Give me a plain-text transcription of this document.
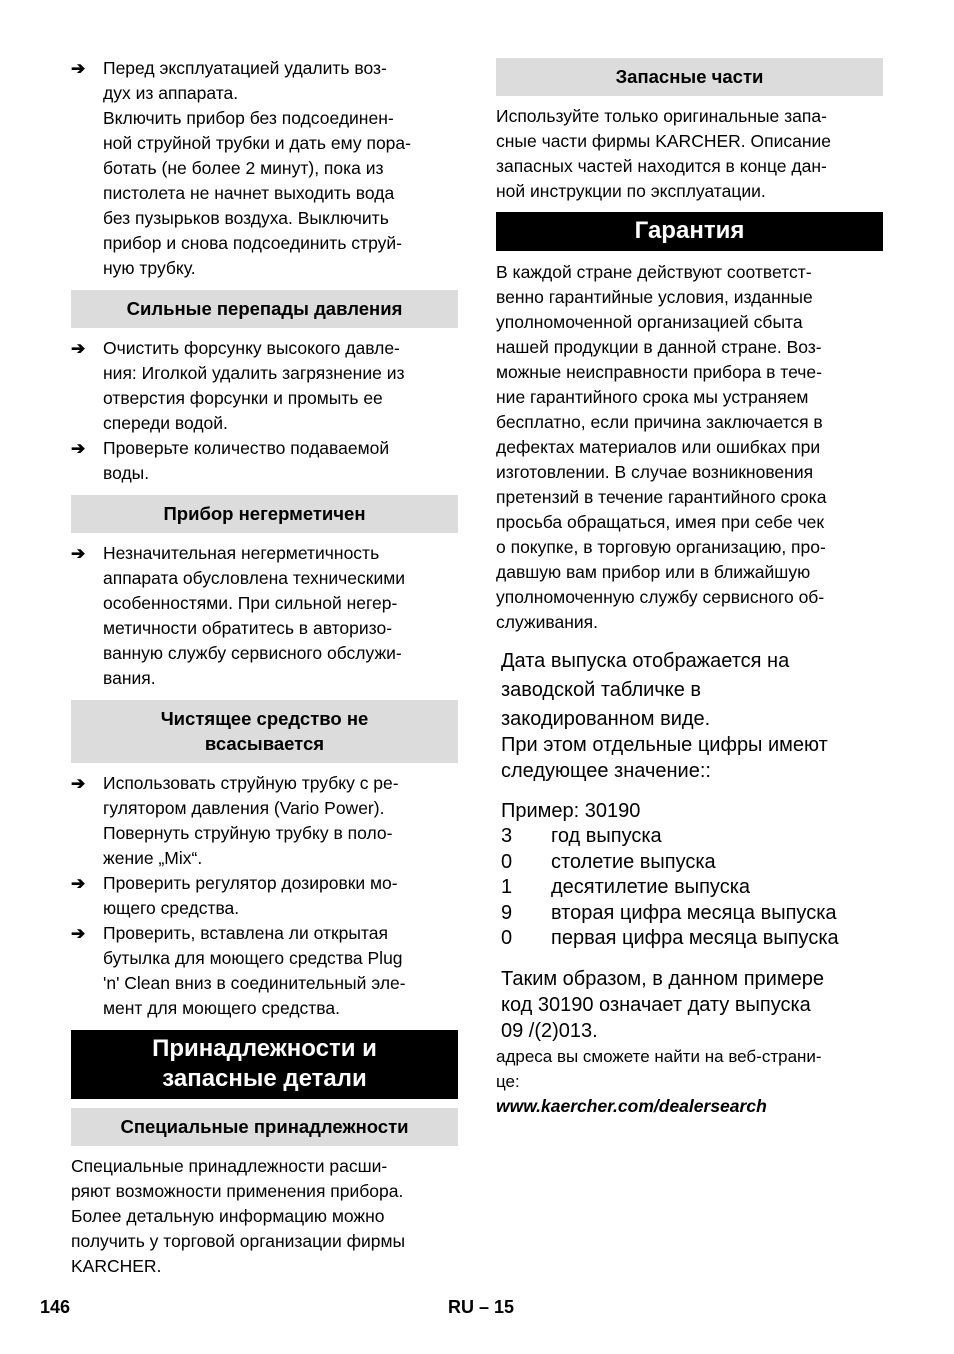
➔	Перед эксплуатацией удалить воз-
дух из аппарата.
Включить прибор без подсоединен-
ной струйной трубки и дать ему пора-
ботать (не более 2 минут), пока из
пистолета не начнет выходить вода
без пузырьков воздуха. Выключить
прибор и снова подсоединить струй-
ную трубку.
Сильные перепады давления
➔	Очистить форсунку высокого давле-
ния: Иголкой удалить загрязнение из
отверстия форсунки и промыть ее
спереди водой.
➔	Проверьте количество подаваемой
воды.
Прибор негерметичен
➔	Незначительная негерметичность
аппарата обусловлена техническими
особенностями. При сильной негер-
метичности обратитесь в авторизо-
ванную службу сервисного обслужи-
вания.
Чистящее средство не
всасывается
➔	Использовать струйную трубку с ре-
гулятором давления (Vario Power).
Повернуть струйную трубку в поло-
жение „Mix“.
➔	Проверить регулятор дозировки мо-
ющего средства.
➔	Проверить, вставлена ли открытая
бутылка для моющего средства Plug
'n' Clean вниз в соединительный эле-
мент для моющего средства.
Принадлежности и
запасные детали
Специальные принадлежности
Специальные принадлежности расши-
ряют возможности применения прибора.
Более детальную информацию можно
получить у торговой организации фирмы
KARCHER.
Запасные части
Используйте только оригинальные запа-
сные части фирмы KARCHER. Описание
запасных частей находится в конце дан-
ной инструкции по эксплуатации.
Гарантия
В каждой стране действуют соответст-
венно гарантийные условия, изданные
уполномоченной организацией сбыта
нашей продукции в данной стране. Воз-
можные неисправности прибора в тече-
ние гарантийного срока мы устраняем
бесплатно, если причина заключается в
дефектах материалов или ошибках при
изготовлении. В случае возникновения
претензий в течение гарантийного срока
просьба обращаться, имея при себе чек
о покупке, в торговую организацию, про-
давшую вам прибор или в ближайшую
уполномоченную службу сервисного об-
служивания.
Дата выпуска отображается на
заводской табличке в
закодированном виде.
При этом отдельные цифры имеют
следующее значение::
Пример: 30190
3	год выпуска
0	столетие выпуска
1	десятилетие выпуска
9	вторая цифра месяца выпуска
0	первая цифра месяца выпуска
Таким образом, в данном примере
код 30190 означает дату выпуска
09 /(2)013.
адреса вы сможете найти на веб-страни-
це:
www.kaercher.com/dealersearch
146	RU – 15
